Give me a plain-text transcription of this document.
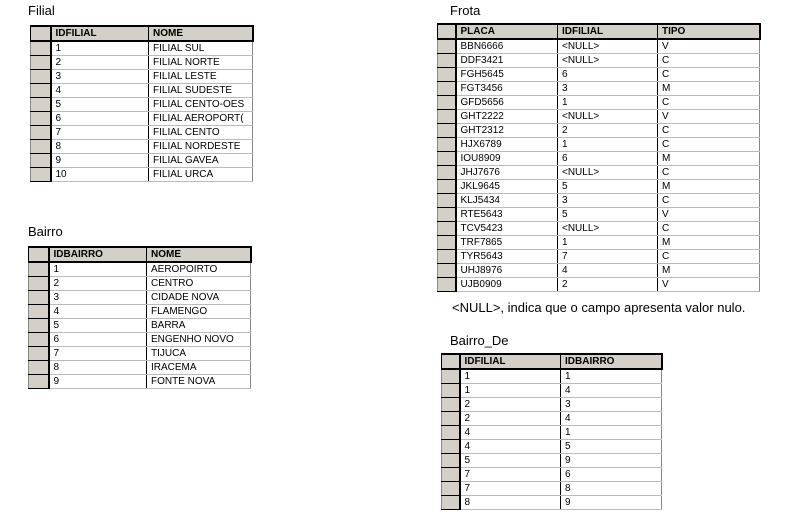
Filial
	IDFILIAL	NOME
	1	FILIAL SUL
	2	FILIAL NORTE
	3	FILIAL LESTE
	4	FILIAL SUDESTE
	5	FILIAL CENTO-OES
	6	FILIAL AEROPORT(
	7	FILIAL CENTO
	8	FILIAL NORDESTE
	9	FILIAL GAVEA
	10	FILIAL URCA
Bairro
	IDBAIRRO	NOME
	1	AEROPOIRTO
	2	CENTRO
	3	CIDADE NOVA
	4	FLAMENGO
	5	BARRA
	6	ENGENHO NOVO
	7	TIJUCA
	8	IRACEMA
	9	FONTE NOVA
Frota
	PLACA	IDFILIAL	TIPO
	BBN6666	<NULL>	V
	DDF3421	<NULL>	C
	FGH5645	6	C
	FGT3456	3	M
	GFD5656	1	C
	GHT2222	<NULL>	V
	GHT2312	2	C
	HJX6789	1	C
	IOU8909	6	M
	JHJ7676	<NULL>	C
	JKL9645	5	M
	KLJ5434	3	C
	RTE5643	5	V
	TCV5423	<NULL>	C
	TRF7865	1	M
	TYR5643	7	C
	UHJ8976	4	M
	UJB0909	2	V
<NULL>, indica que o campo apresenta valor nulo.
Bairro_De
	IDFILIAL	IDBAIRRO
	1	1
	1	4
	2	3
	2	4
	4	1
	4	5
	5	9
	7	6
	7	8
	8	9
